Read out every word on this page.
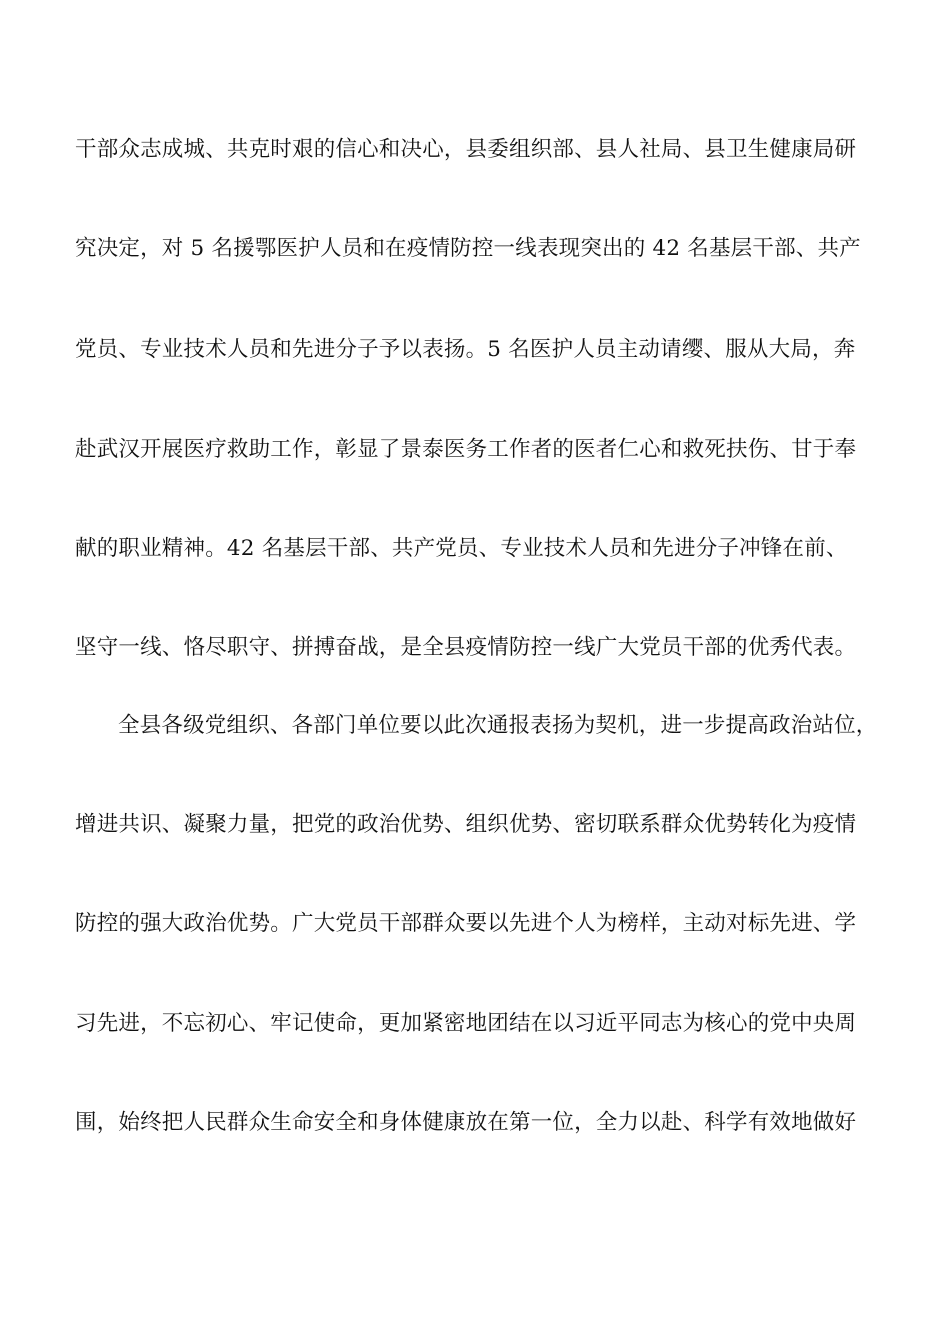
干部众志成城、共克时艰的信心和决心，县委组织部、县人社局、县卫生健康局研
究决定，对 5 名援鄂医护人员和在疫情防控一线表现突出的 42 名基层干部、共产
党员、专业技术人员和先进分子予以表扬。5 名医护人员主动请缨、服从大局，奔
赴武汉开展医疗救助工作，彰显了景泰医务工作者的医者仁心和救死扶伤、甘于奉
献的职业精神。42 名基层干部、共产党员、专业技术人员和先进分子冲锋在前、
坚守一线、恪尽职守、拼搏奋战，是全县疫情防控一线广大党员干部的优秀代表。
全县各级党组织、各部门单位要以此次通报表扬为契机，进一步提高政治站位，
增进共识、凝聚力量，把党的政治优势、组织优势、密切联系群众优势转化为疫情
防控的强大政治优势。广大党员干部群众要以先进个人为榜样，主动对标先进、学
习先进，不忘初心、牢记使命，更加紧密地团结在以习近平同志为核心的党中央周
围，始终把人民群众生命安全和身体健康放在第一位，全力以赴、科学有效地做好
